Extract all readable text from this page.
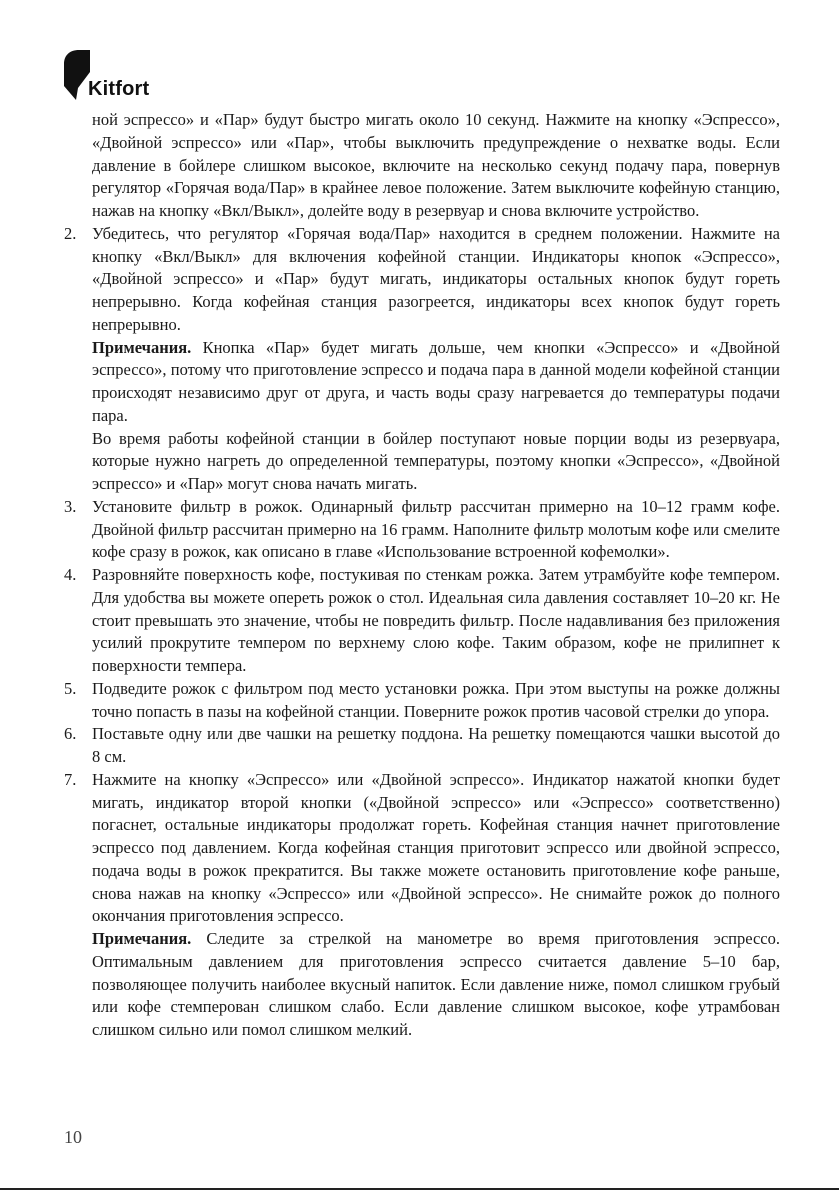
Kitfort

ной эспрессо» и «Пар» будут быстро мигать около 10 секунд. Нажмите на кнопку «Эспрессо», «Двойной эспрессо» или «Пар», чтобы выключить предупреждение о нехватке воды. Если давление в бойлере слишком высокое, включите на несколько секунд подачу пара, повернув регулятор «Горячая вода/Пар» в крайнее левое положение. Затем выключите кофейную станцию, нажав на кнопку «Вкл/Выкл», долейте воду в резервуар и снова включите устройство.

2. Убедитесь, что регулятор «Горячая вода/Пар» находится в среднем положении. Нажмите на кнопку «Вкл/Выкл» для включения кофейной станции. Индикаторы кнопок «Эспрессо», «Двойной эспрессо» и «Пар» будут мигать, индикаторы остальных кнопок будут гореть непрерывно. Когда кофейная станция разогреется, индикаторы всех кнопок будут гореть непрерывно.

Примечания. Кнопка «Пар» будет мигать дольше, чем кнопки «Эспрессо» и «Двойной эспрессо», потому что приготовление эспрессо и подача пара в данной модели кофейной станции происходят независимо друг от друга, и часть воды сразу нагревается до температуры подачи пара.

Во время работы кофейной станции в бойлер поступают новые порции воды из резервуара, которые нужно нагреть до определенной температуры, поэтому кнопки «Эспрессо», «Двойной эспрессо» и «Пар» могут снова начать мигать.

3. Установите фильтр в рожок. Одинарный фильтр рассчитан примерно на 10–12 грамм кофе. Двойной фильтр рассчитан примерно на 16 грамм. Наполните фильтр молотым кофе или смелите кофе сразу в рожок, как описано в главе «Использование встроенной кофемолки».

4. Разровняйте поверхность кофе, постукивая по стенкам рожка. Затем утрамбуйте кофе темпером. Для удобства вы можете опереть рожок о стол. Идеальная сила давления составляет 10–20 кг. Не стоит превышать это значение, чтобы не повредить фильтр. После надавливания без приложения усилий прокрутите темпером по верхнему слою кофе. Таким образом, кофе не прилипнет к поверхности темпера.

5. Подведите рожок с фильтром под место установки рожка. При этом выступы на рожке должны точно попасть в пазы на кофейной станции. Поверните рожок против часовой стрелки до упора.

6. Поставьте одну или две чашки на решетку поддона. На решетку помещаются чашки высотой до 8 см.

7. Нажмите на кнопку «Эспрессо» или «Двойной эспрессо». Индикатор нажатой кнопки будет мигать, индикатор второй кнопки («Двойной эспрессо» или «Эспрессо» соответственно) погаснет, остальные индикаторы продолжат гореть. Кофейная станция начнет приготовление эспрессо под давлением. Когда кофейная станция приготовит эспрессо или двойной эспрессо, подача воды в рожок прекратится. Вы также можете остановить приготовление кофе раньше, снова нажав на кнопку «Эспрессо» или «Двойной эспрессо». Не снимайте рожок до полного окончания приготовления эспрессо.

Примечания. Следите за стрелкой на манометре во время приготовления эспрессо. Оптимальным давлением для приготовления эспрессо считается давление 5–10 бар, позволяющее получить наиболее вкусный напиток. Если давление ниже, помол слишком грубый или кофе стемперован слишком слабо. Если давление слишком высокое, кофе утрамбован слишком сильно или помол слишком мелкий.

10
